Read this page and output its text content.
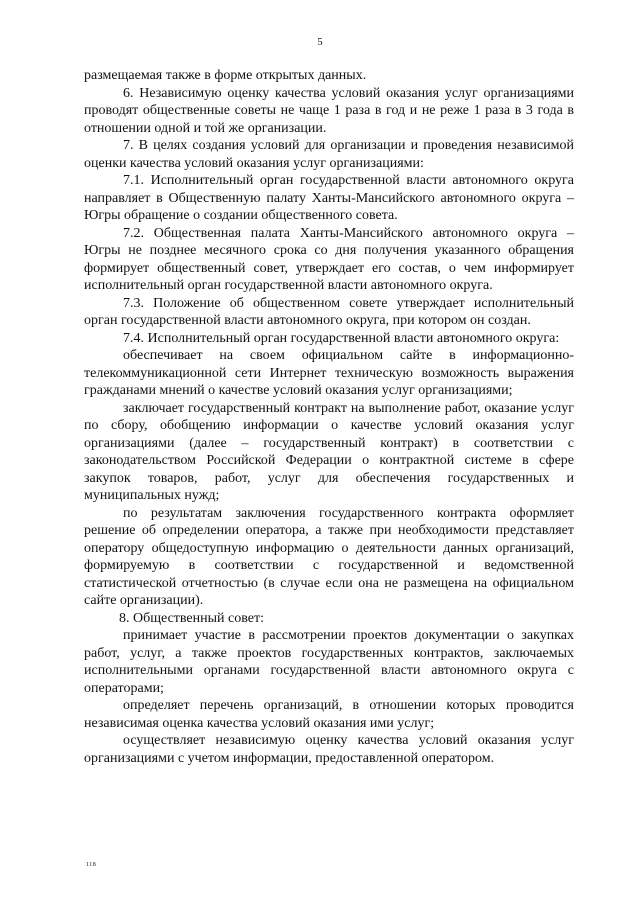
5

размещаемая также в форме открытых данных.

6. Независимую оценку качества условий оказания услуг организациями проводят общественные советы не чаще 1 раза в год и не реже 1 раза в 3 года в отношении одной и той же организации.

7. В целях создания условий для организации и проведения независимой оценки качества условий оказания услуг организациями:

7.1. Исполнительный орган государственной власти автономного округа направляет в Общественную палату Ханты-Мансийского автономного округа – Югры обращение о создании общественного совета.

7.2. Общественная палата Ханты-Мансийского автономного округа – Югры не позднее месячного срока со дня получения указанного обращения формирует общественный совет, утверждает его состав, о чем информирует исполнительный орган государственной власти автономного округа.

7.3. Положение об общественном совете утверждает исполнительный орган государственной власти автономного округа, при котором он создан.

7.4. Исполнительный орган государственной власти автономного округа:

обеспечивает на своем официальном сайте в информационно-телекоммуникационной сети Интернет техническую возможность выражения гражданами мнений о качестве условий оказания услуг организациями;

заключает государственный контракт на выполнение работ, оказание услуг по сбору, обобщению информации о качестве условий оказания услуг организациями (далее – государственный контракт) в соответствии с законодательством Российской Федерации о контрактной системе в сфере закупок товаров, работ, услуг для обеспечения государственных и муниципальных нужд;

по результатам заключения государственного контракта оформляет решение об определении оператора, а также при необходимости представляет оператору общедоступную информацию о деятельности данных организаций, формируемую в соответствии с государственной и ведомственной статистической отчетностью (в случае если она не размещена на официальном сайте организации).

8. Общественный совет:

принимает участие в рассмотрении проектов документации о закупках работ, услуг, а также проектов государственных контрактов, заключаемых исполнительными органами государственной власти автономного округа с операторами;

определяет перечень организаций, в отношении которых проводится независимая оценка качества условий оказания ими услуг;

осуществляет независимую оценку качества условий оказания услуг организациями с учетом информации, предоставленной оператором.

118
